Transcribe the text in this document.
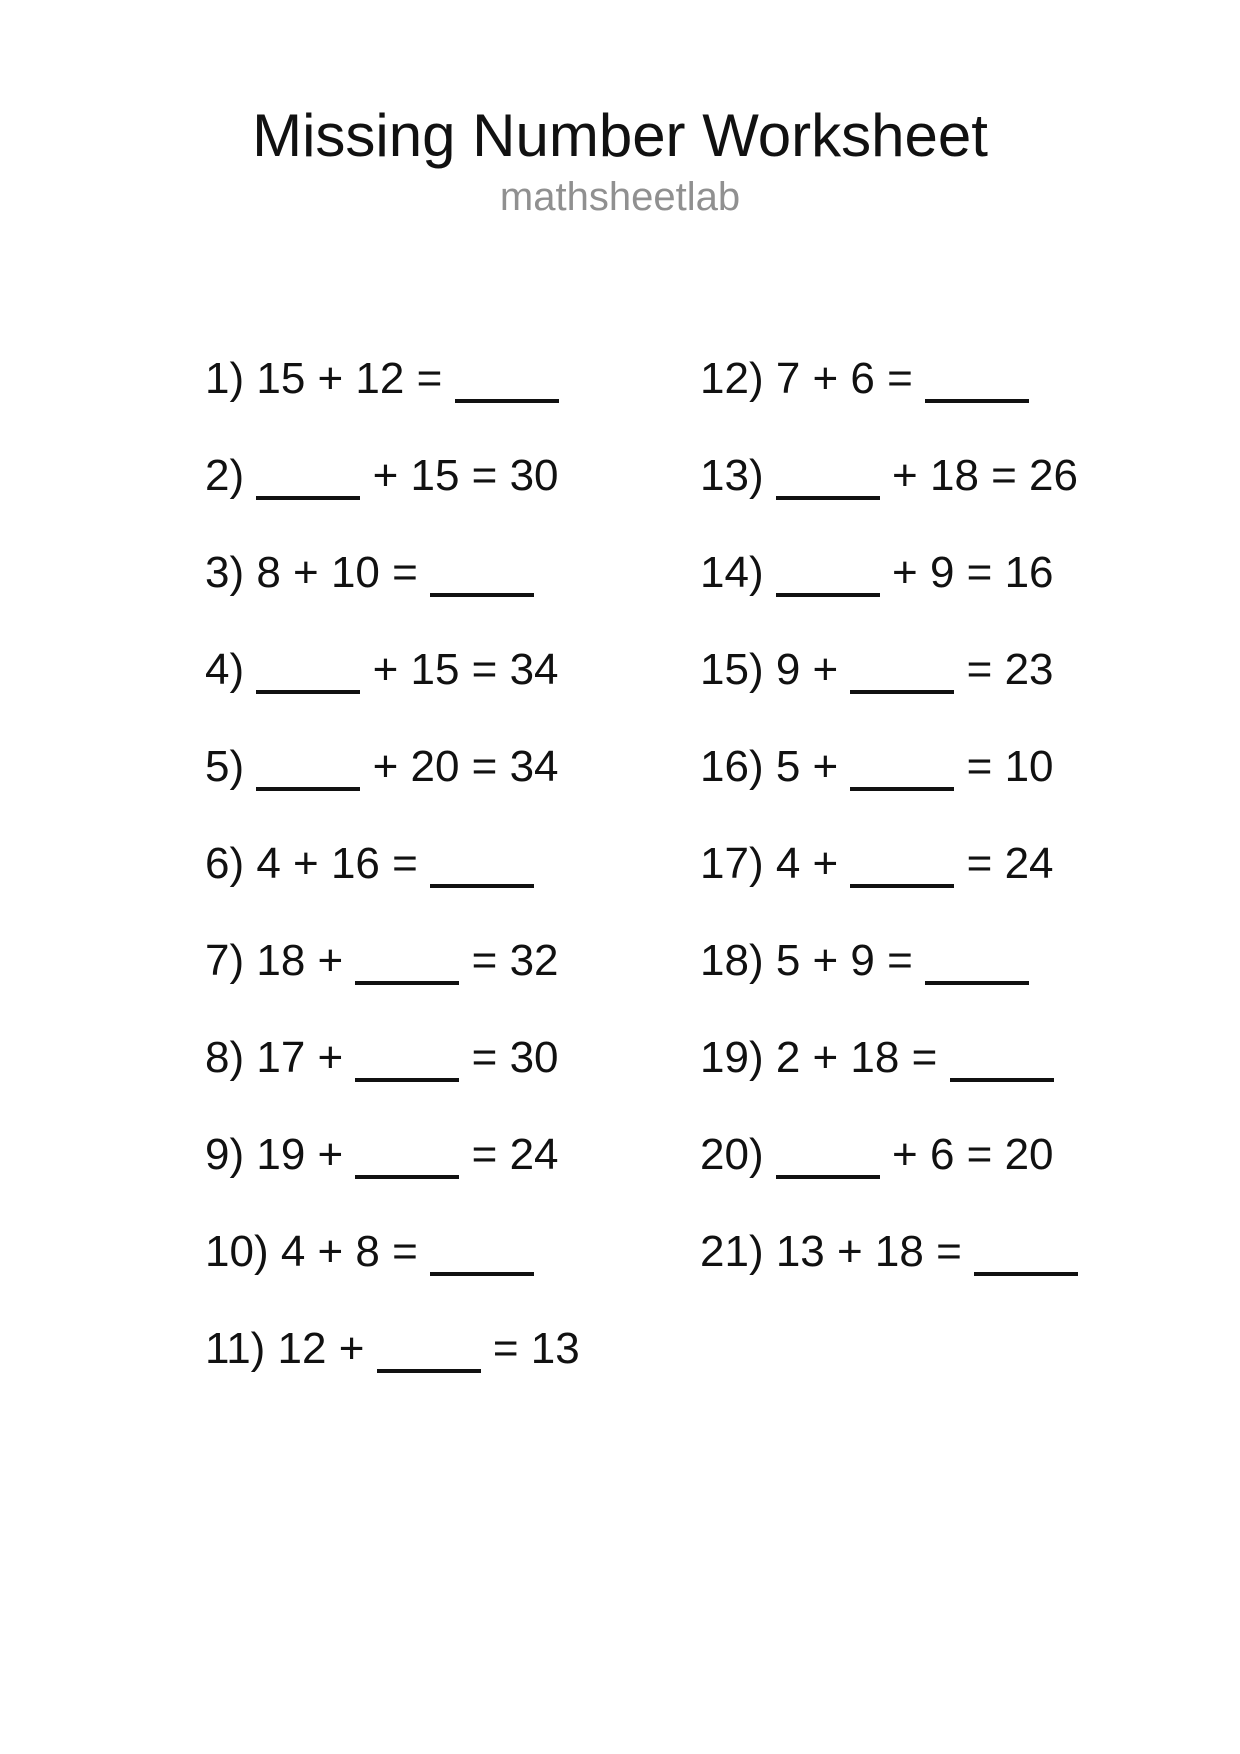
Missing Number Worksheet
mathsheetlab
1) 15 + 12 =
2)  + 15 = 30
3) 8 + 10 =
4)  + 15 = 34
5)  + 20 = 34
6) 4 + 16 =
7) 18 +  = 32
8) 17 +  = 30
9) 19 +  = 24
10) 4 + 8 =
11) 12 +  = 13
12) 7 + 6 =
13)  + 18 = 26
14)  + 9 = 16
15) 9 +  = 23
16) 5 +  = 10
17) 4 +  = 24
18) 5 + 9 =
19) 2 + 18 =
20)  + 6 = 20
21) 13 + 18 =
